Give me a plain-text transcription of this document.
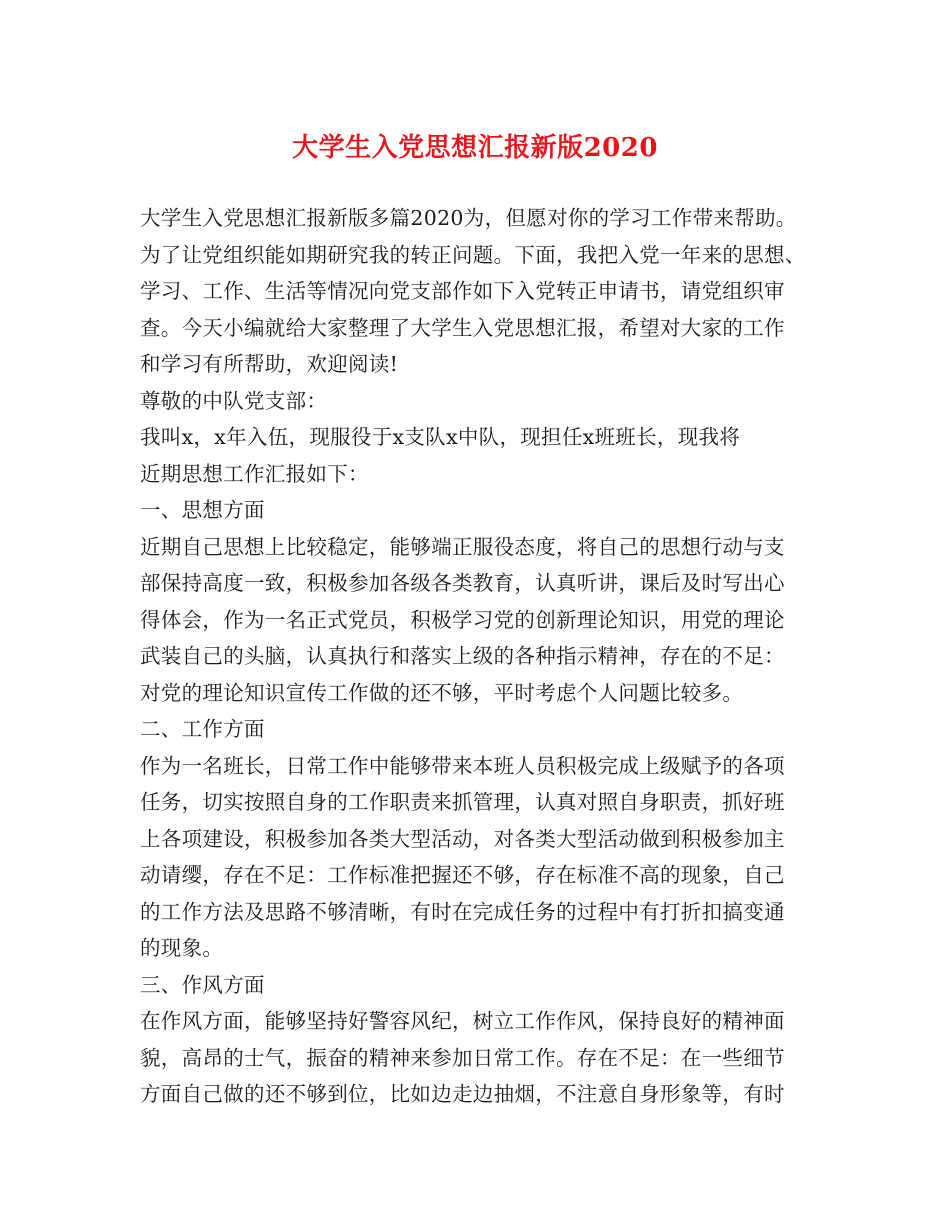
大学生入党思想汇报新版2020
大学生入党思想汇报新版多篇2020为，但愿对你的学习工作带来帮助。
为了让党组织能如期研究我的转正问题。下面，我把入党一年来的思想、
学习、工作、生活等情况向党支部作如下入党转正申请书，请党组织审
查。今天小编就给大家整理了大学生入党思想汇报，希望对大家的工作
和学习有所帮助，欢迎阅读!
尊敬的中队党支部：
我叫x，x年入伍，现服役于x支队x中队，现担任x班班长，现我将
近期思想工作汇报如下：
一、思想方面
近期自己思想上比较稳定，能够端正服役态度，将自己的思想行动与支
部保持高度一致，积极参加各级各类教育，认真听讲，课后及时写出心
得体会，作为一名正式党员，积极学习党的创新理论知识，用党的理论
武装自己的头脑，认真执行和落实上级的各种指示精神，存在的不足：
对党的理论知识宣传工作做的还不够，平时考虑个人问题比较多。
二、工作方面
作为一名班长，日常工作中能够带来本班人员积极完成上级赋予的各项
任务，切实按照自身的工作职责来抓管理，认真对照自身职责，抓好班
上各项建设，积极参加各类大型活动，对各类大型活动做到积极参加主
动请缨，存在不足：工作标准把握还不够，存在标准不高的现象，自己
的工作方法及思路不够清晰，有时在完成任务的过程中有打折扣搞变通
的现象。
三、作风方面
在作风方面，能够坚持好警容风纪，树立工作作风，保持良好的精神面
貌，高昂的士气，振奋的精神来参加日常工作。存在不足：在一些细节
方面自己做的还不够到位，比如边走边抽烟，不注意自身形象等，有时
